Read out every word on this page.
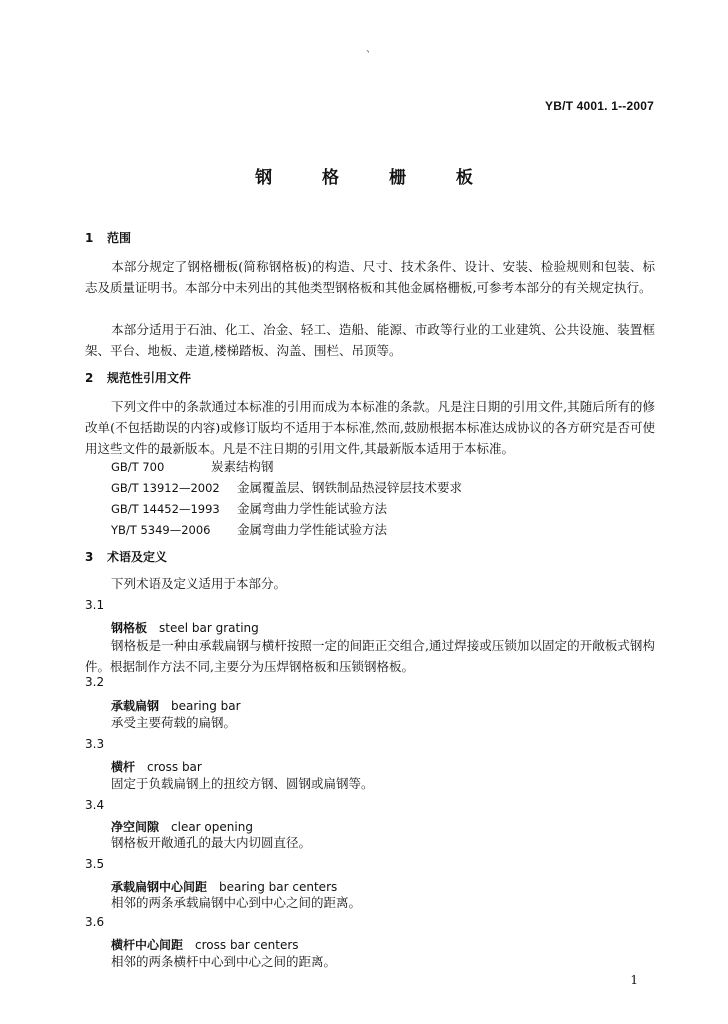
、
YB/T 4001. 1--2007
钢 格 栅 板
1 范围
本部分规定了钢格栅板(简称钢格板)的构造、尺寸、技术条件、设计、安装、检验规则和包装、标志及质量证明书。本部分中未列出的其他类型钢格板和其他金属格栅板,可参考本部分的有关规定执行。
本部分适用于石油、化工、冶金、轻工、造船、能源、市政等行业的工业建筑、公共设施、装置框架、平台、地板、走道,楼梯踏板、沟盖、围栏、吊顶等。
2 规范性引用文件
下列文件中的条款通过本标准的引用而成为本标准的条款。凡是注日期的引用文件,其随后所有的修改单(不包括勘误的内容)或修订版均不适用于本标准,然而,鼓励根据本标准达成协议的各方研究是否可使用这些文件的最新版本。凡是不注日期的引用文件,其最新版本适用于本标准。
GB/T 700	炭素结构钢
GB/T 13912—2002 金属覆盖层、钢铁制品热浸锌层技术要求
GB/T 14452—1993 金属弯曲力学性能试验方法
YB/T 5349—2006 金属弯曲力学性能试验方法
3 术语及定义
下列术语及定义适用于本部分。
3.1
钢格板 steel bar grating
钢格板是一种由承载扁钢与横杆按照一定的间距正交组合,通过焊接或压锁加以固定的开敞板式钢构件。根据制作方法不同,主要分为压焊钢格板和压锁钢格板。
3.2
承载扁钢 bearing bar
承受主要荷载的扁钢。
3.3
横杆 cross bar
固定于负载扁钢上的扭绞方钢、圆钢或扁钢等。
3.4
净空间隙 clear opening
钢格板开敞通孔的最大内切圆直径。
3.5
承载扁钢中心间距 bearing bar centers
相邻的两条承载扁钢中心到中心之间的距离。
3.6
横杆中心间距 cross bar centers
相邻的两条横杆中心到中心之间的距离。
1
